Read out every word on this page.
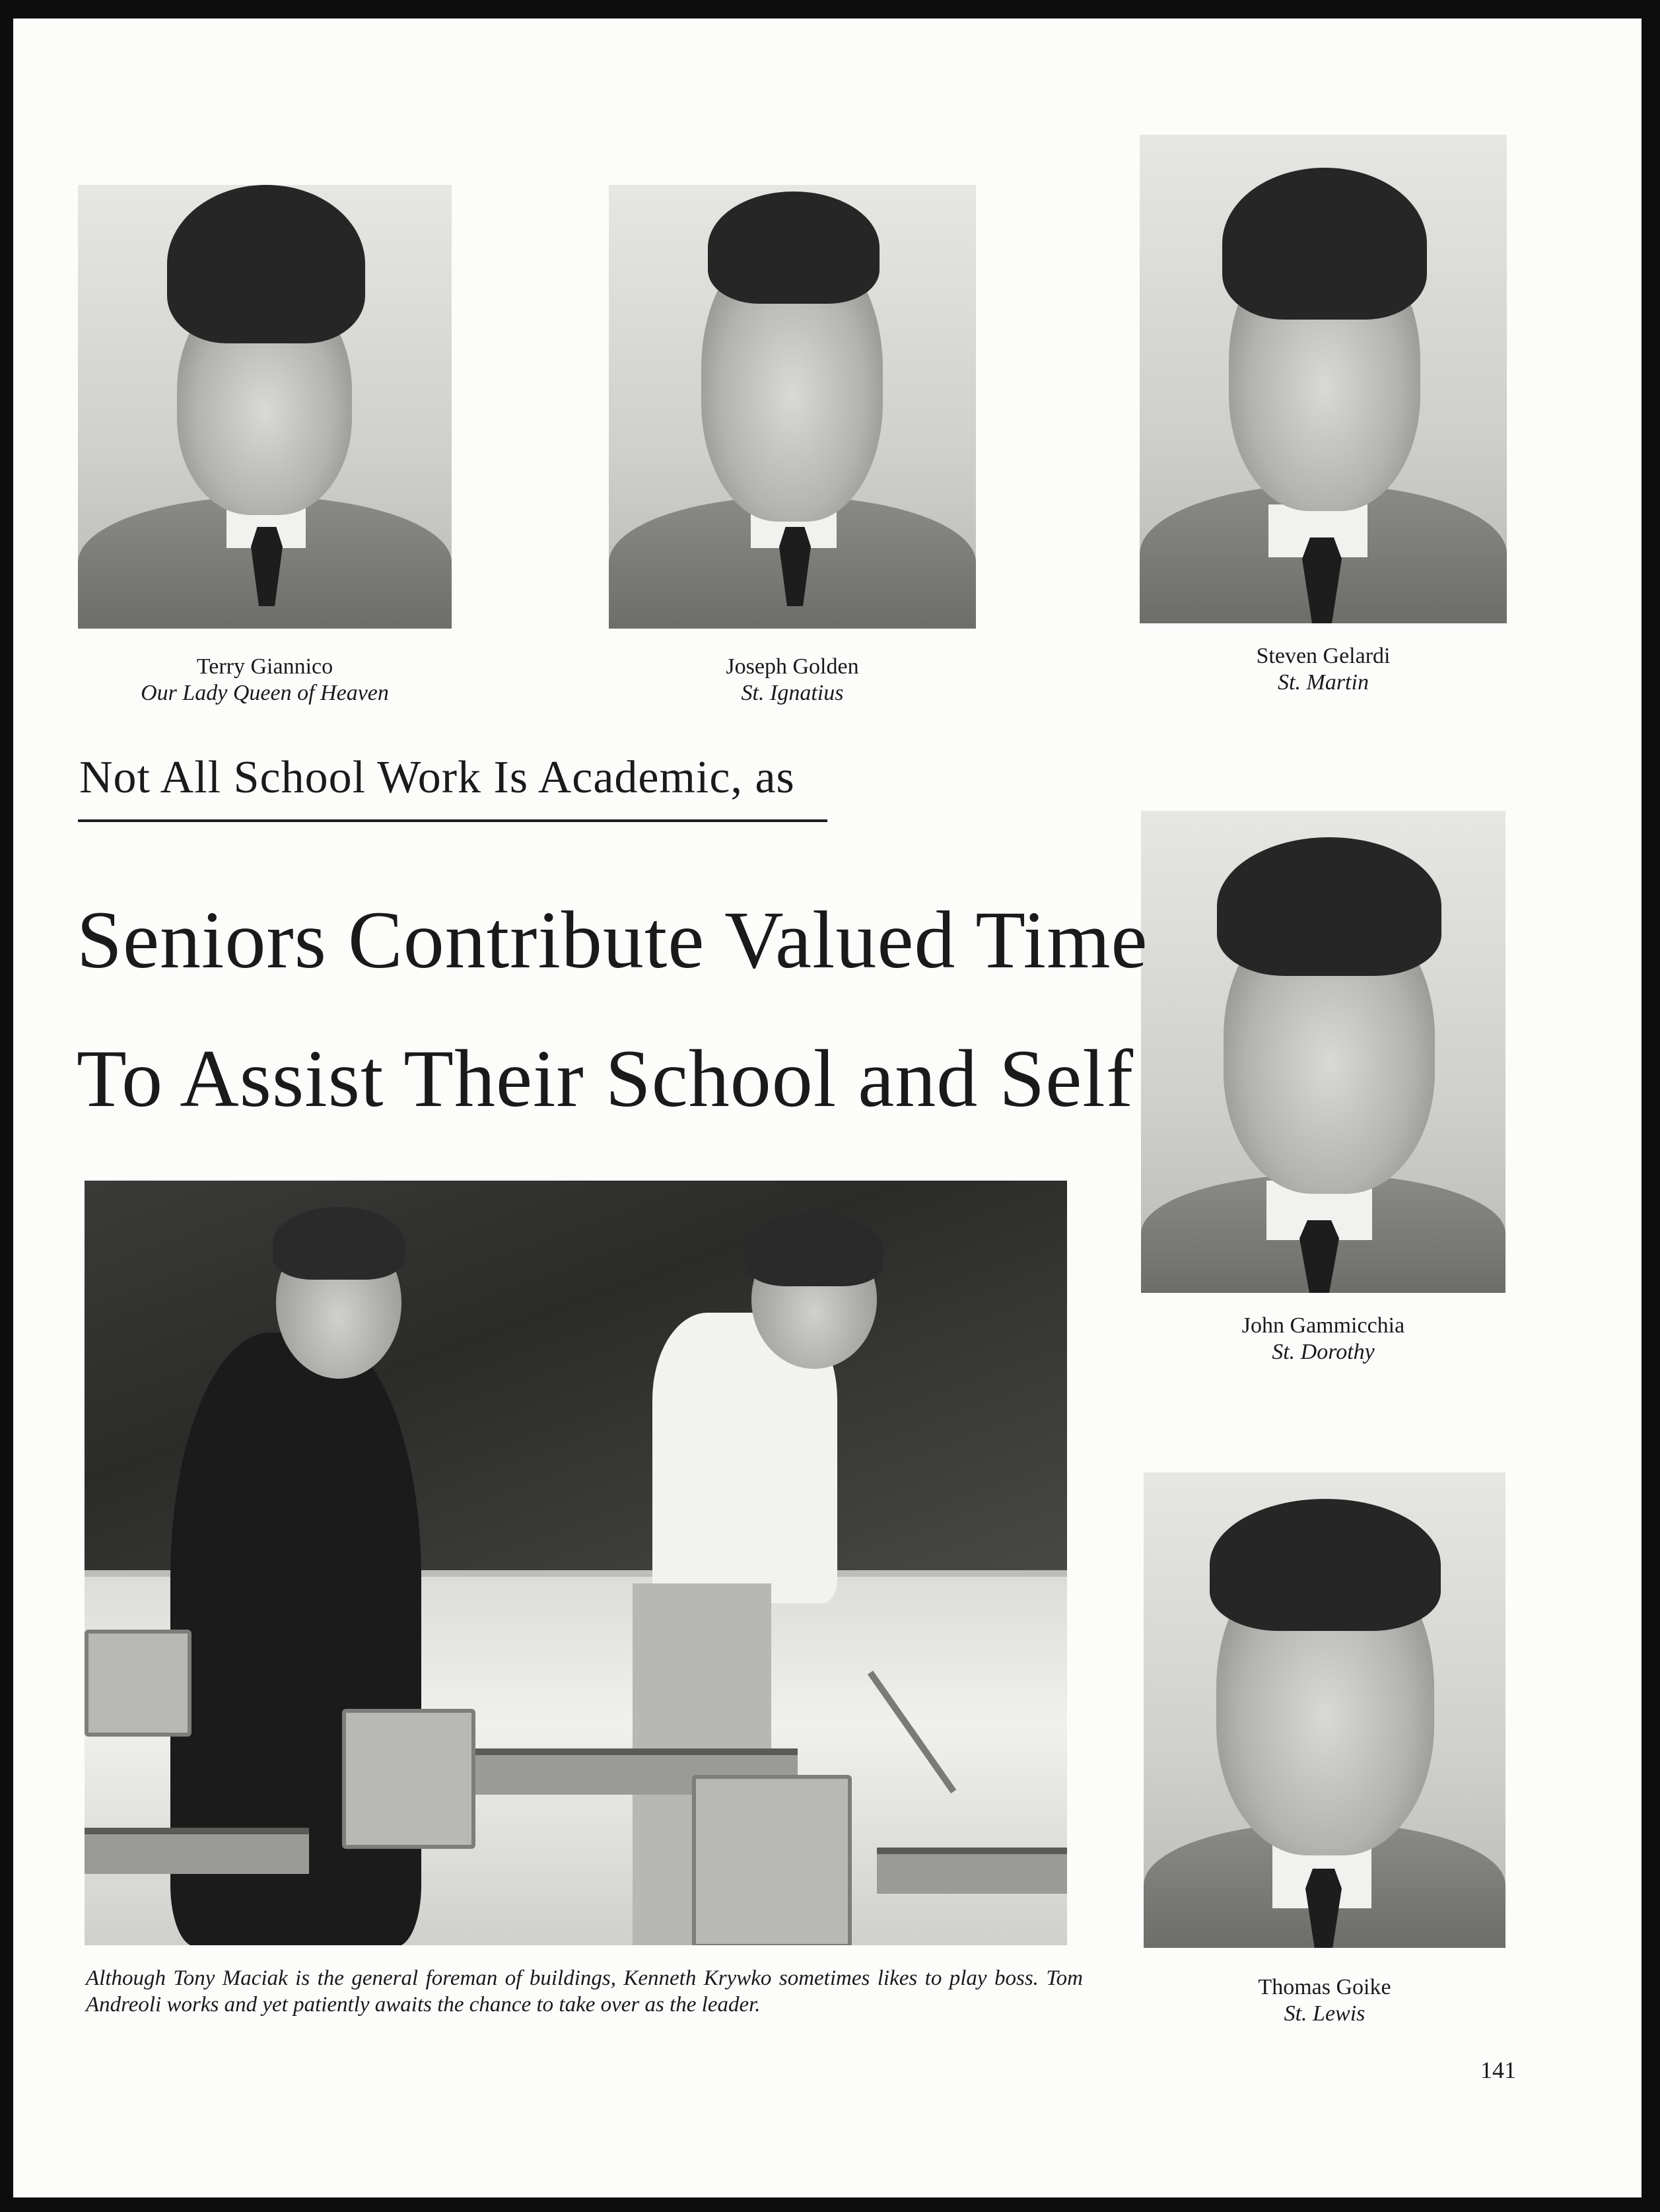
Terry Giannico
Our Lady Queen of Heaven
Joseph Golden
St. Ignatius
Steven Gelardi
St. Martin
John Gammicchia
St. Dorothy
Thomas Goike
St. Lewis
Not All School Work Is Academic, as
Seniors Contribute Valued Time
To Assist Their School and Self
Although Tony Maciak is the general foreman of buildings, Kenneth Krywko sometimes likes to play boss. Tom Andreoli works and yet patiently awaits the chance to take over as the leader.
141
